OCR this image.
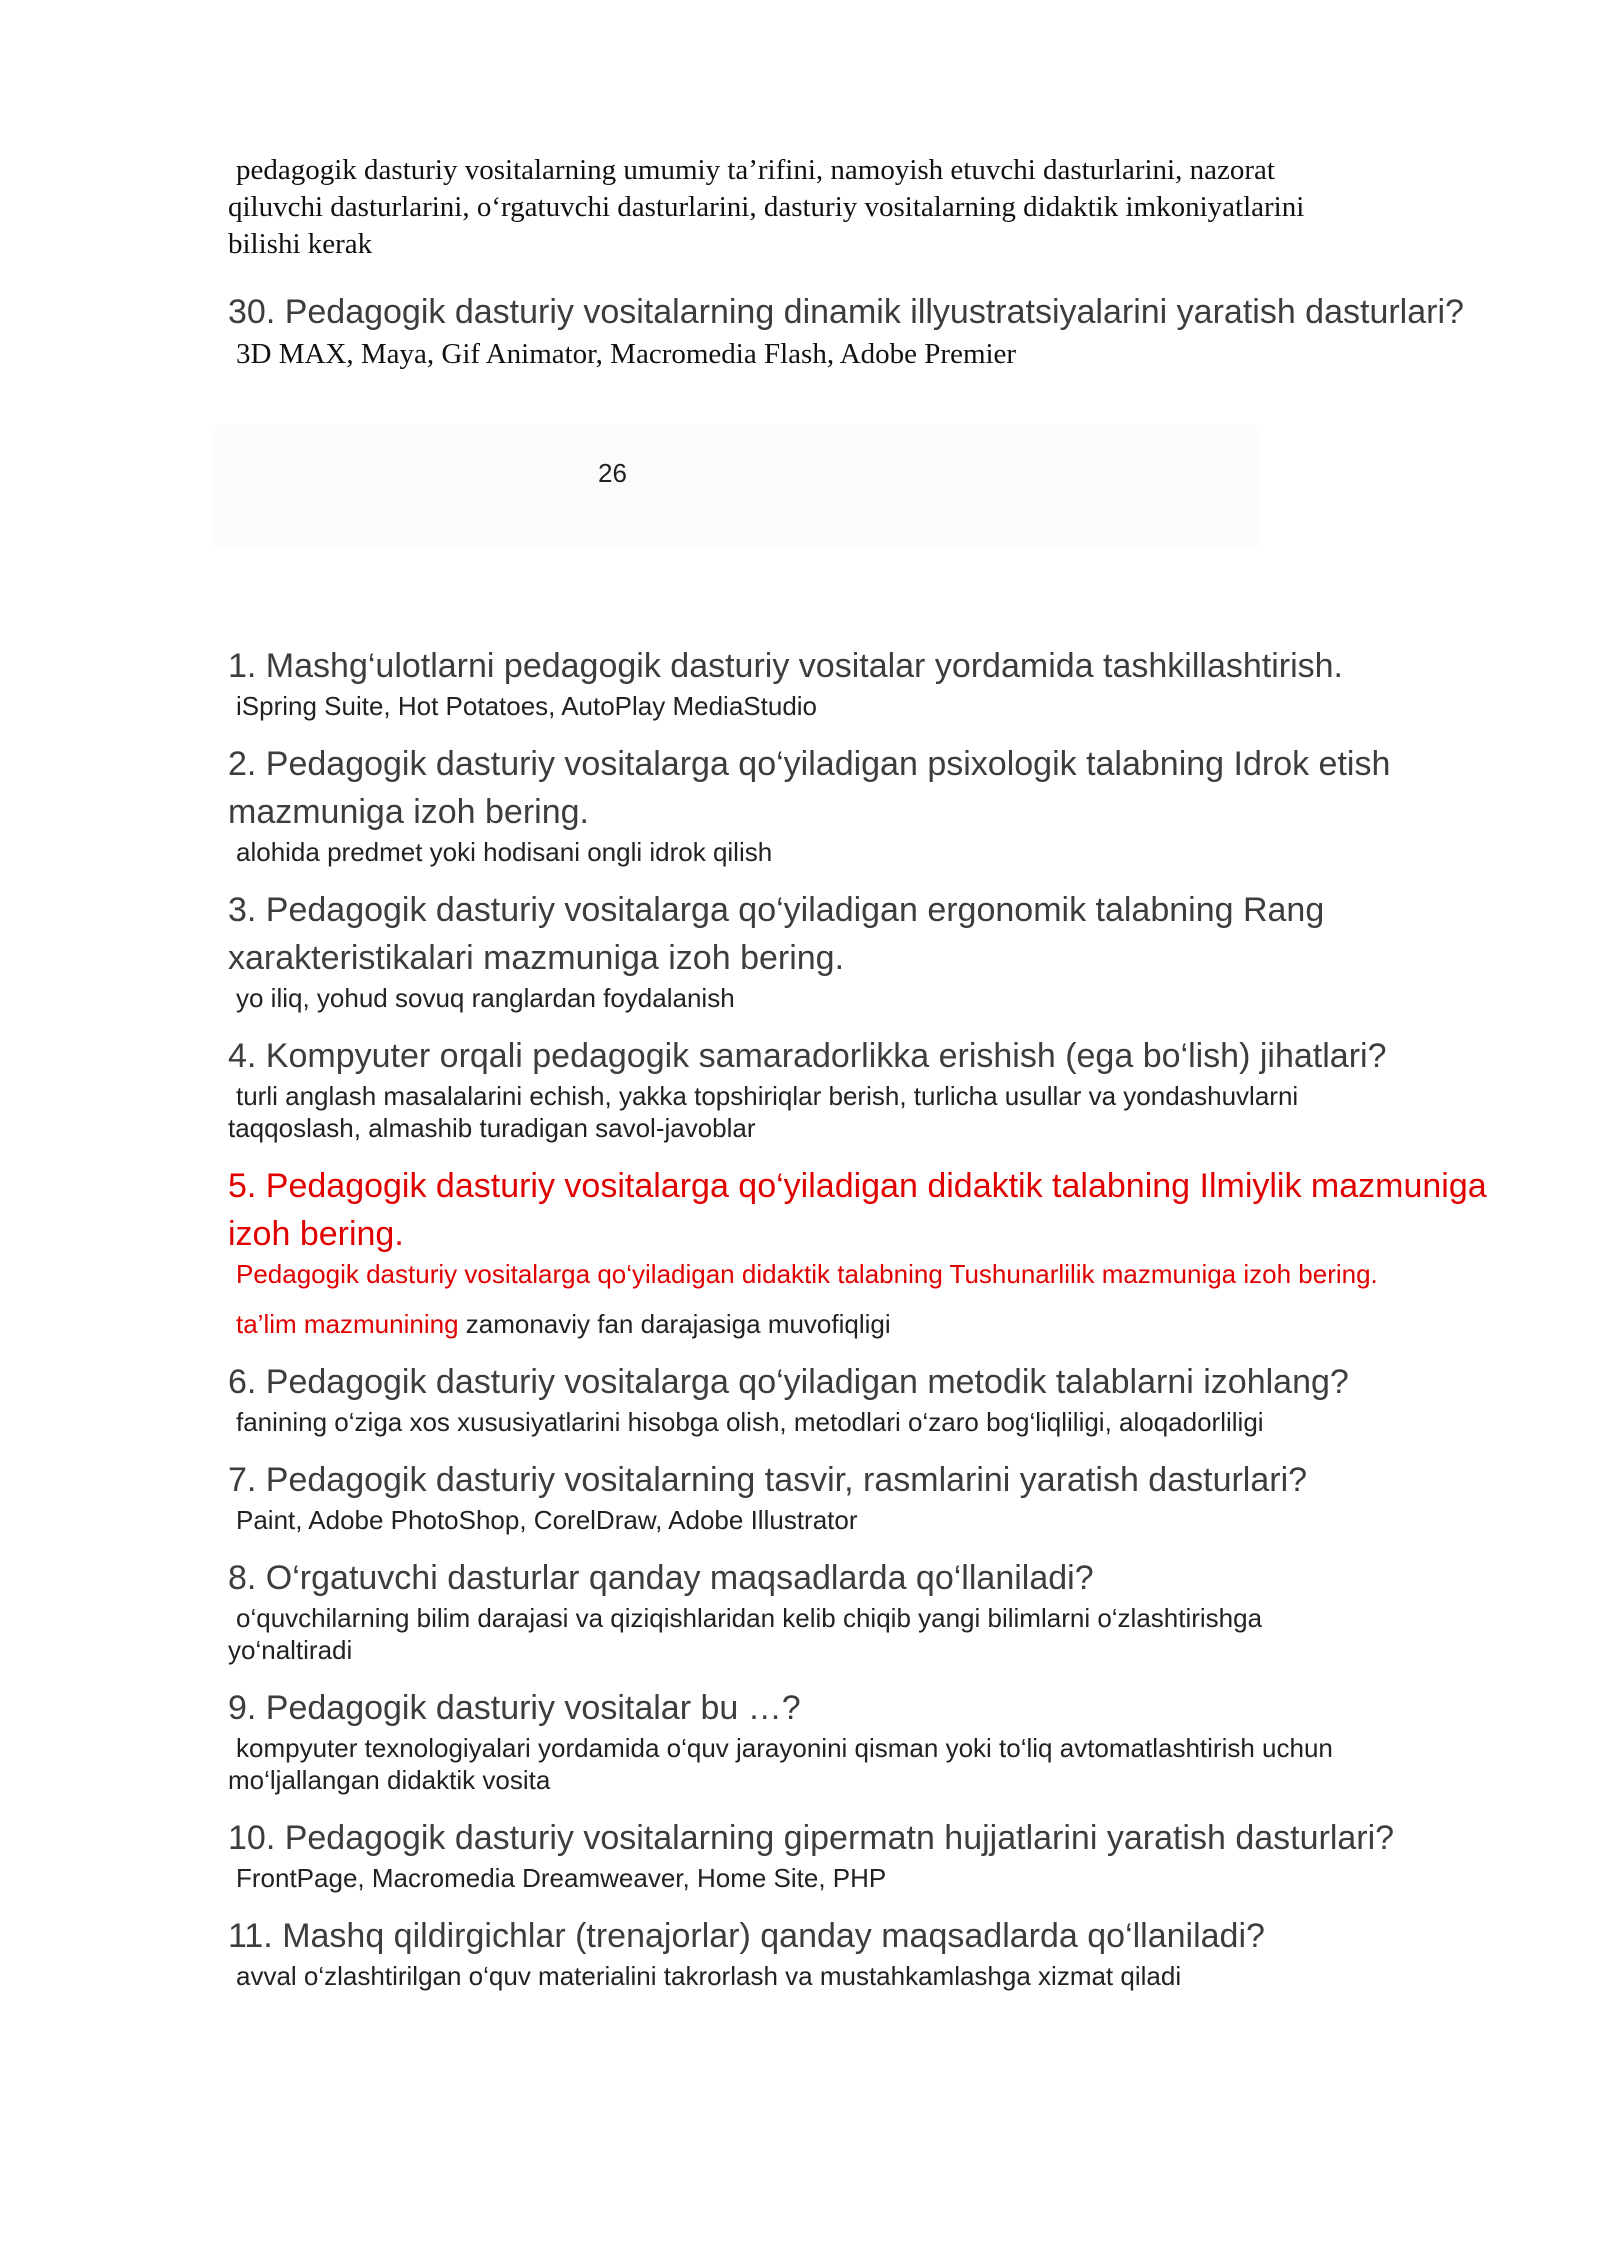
pedagogik dasturiy vositalarning umumiy ta’rifini, namoyish etuvchi dasturlarini, nazorat
qiluvchi dasturlarini, o‘rgatuvchi dasturlarini, dasturiy vositalarning didaktik imkoniyatlarini
bilishi kerak

30. Pedagogik dasturiy vositalarning dinamik illyustratsiyalarini yaratish dasturlari?

3D MAX, Maya, Gif Animator, Macromedia Flash, Adobe Premier
26

1. Mashg‘ulotlarni pedagogik dasturiy vositalar yordamida tashkillashtirish.

iSpring Suite, Hot Potatoes, AutoPlay MediaStudio

2. Pedagogik dasturiy vositalarga qo‘yiladigan psixologik talabning Idrok etish mazmuniga izoh bering.

alohida predmet yoki hodisani ongli idrok qilish

3. Pedagogik dasturiy vositalarga qo‘yiladigan ergonomik talabning Rang xarakteristikalari mazmuniga izoh bering.

yo iliq, yohud sovuq ranglardan foydalanish

4. Kompyuter orqali pedagogik samaradorlikka erishish (ega bo‘lish) jihatlari?

turli anglash masalalarini echish, yakka topshiriqlar berish, turlicha usullar va yondashuvlarni

taqqoslash, almashib turadigan savol-javoblar

5. Pedagogik dasturiy vositalarga qo‘yiladigan didaktik talabning Ilmiylik mazmuniga izoh bering.

Pedagogik dasturiy vositalarga qo‘yiladigan didaktik talabning Tushunarlilik mazmuniga izoh bering.

ta’lim mazmunining zamonaviy fan darajasiga muvofiqligi

6. Pedagogik dasturiy vositalarga qo‘yiladigan metodik talablarni izohlang?

fanining o‘ziga xos xususiyatlarini hisobga olish, metodlari o‘zaro bog‘liqliligi, aloqadorliligi

7. Pedagogik dasturiy vositalarning tasvir, rasmlarini yaratish dasturlari?

Paint, Adobe PhotoShop, CorelDraw, Adobe Illustrator

8. O‘rgatuvchi dasturlar qanday maqsadlarda qo‘llaniladi?

o‘quvchilarning bilim darajasi va qiziqishlaridan kelib chiqib yangi bilimlarni o‘zlashtirishga

yo‘naltiradi

9. Pedagogik dasturiy vositalar bu …?

kompyuter texnologiyalari yordamida o‘quv jarayonini qisman yoki to‘liq avtomatlashtirish uchun

mo‘ljallangan didaktik vosita

10. Pedagogik dasturiy vositalarning gipermatn hujjatlarini yaratish dasturlari?

FrontPage, Macromedia Dreamweaver, Home Site, PHP

11. Mashq qildirgichlar (trenajorlar) qanday maqsadlarda qo‘llaniladi?

avval o‘zlashtirilgan o‘quv materialini takrorlash va mustahkamlashga xizmat qiladi
